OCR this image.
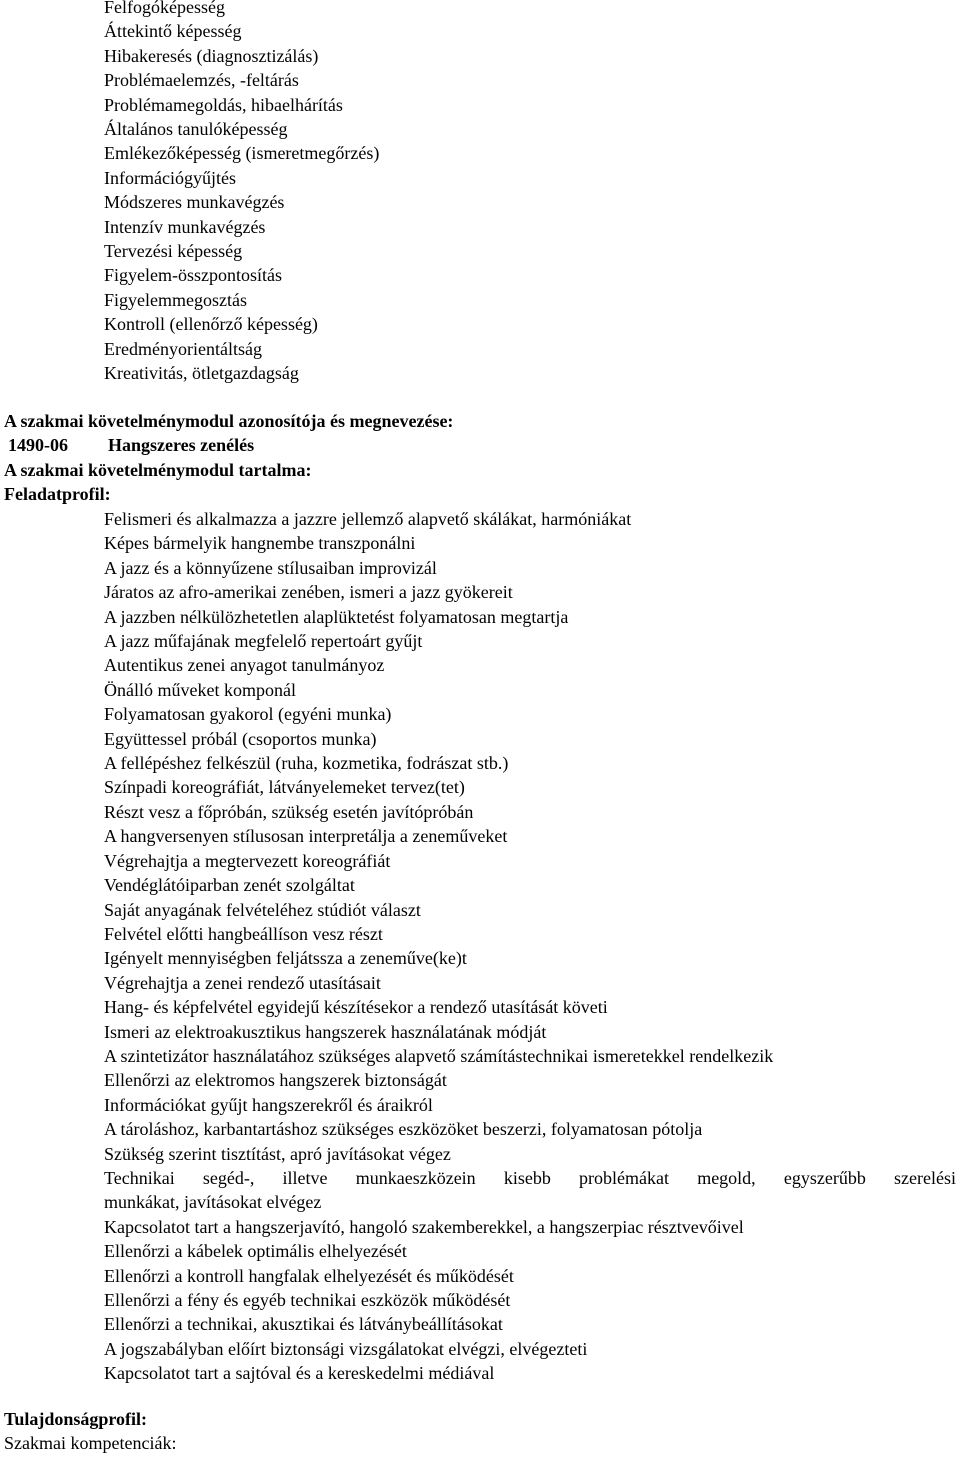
Felfogóképesség
Áttekintő képesség
Hibakeresés (diagnosztizálás)
Problémaelemzés, -feltárás
Problémamegoldás, hibaelhárítás
Általános tanulóképesség
Emlékezőképesség (ismeretmegőrzés)
Információgyűjtés
Módszeres munkavégzés
Intenzív munkavégzés
Tervezési képesség
Figyelem-összpontosítás
Figyelemmegosztás
Kontroll (ellenőrző képesség)
Eredményorientáltság
Kreativitás, ötletgazdagság
A szakmai követelménymodul azonosítója és megnevezése:
1490-06 Hangszeres zenélés
A szakmai követelménymodul tartalma:
Feladatprofil:
Felismeri és alkalmazza a jazzre jellemző alapvető skálákat, harmóniákat
Képes bármelyik hangnembe transzponálni
A jazz és a könnyűzene stílusaiban improvizál
Járatos az afro-amerikai zenében, ismeri a jazz gyökereit
A jazzben nélkülözhetetlen alaplüktetést folyamatosan megtartja
A jazz műfajának megfelelő repertoárt gyűjt
Autentikus zenei anyagot tanulmányoz
Önálló műveket komponál
Folyamatosan gyakorol (egyéni munka)
Együttessel próbál (csoportos munka)
A fellépéshez felkészül (ruha, kozmetika, fodrászat stb.)
Színpadi koreográfiát, látványelemeket tervez(tet)
Részt vesz a főpróbán, szükség esetén javítópróbán
A hangversenyen stílusosan interpretálja a zeneműveket
Végrehajtja a megtervezett koreográfiát
Vendéglátóiparban zenét szolgáltat
Saját anyagának felvételéhez stúdiót választ
Felvétel előtti hangbeállíson vesz részt
Igényelt mennyiségben feljátssza a zeneműve(ke)t
Végrehajtja a zenei rendező utasításait
Hang- és képfelvétel egyidejű készítésekor a rendező utasítását követi
Ismeri az elektroakusztikus hangszerek használatának módját
A szintetizátor használatához szükséges alapvető számítástechnikai ismeretekkel rendelkezik
Ellenőrzi az elektromos hangszerek biztonságát
Információkat gyűjt hangszerekről és áraikról
A tároláshoz, karbantartáshoz szükséges eszközöket beszerzi, folyamatosan pótolja
Szükség szerint tisztítást, apró javításokat végez
Technikai segéd-, illetve munkaeszközein kisebb problémákat megold, egyszerűbb szerelési
munkákat, javításokat elvégez
Kapcsolatot tart a hangszerjavító, hangoló szakemberekkel, a hangszerpiac résztvevőivel
Ellenőrzi a kábelek optimális elhelyezését
Ellenőrzi a kontroll hangfalak elhelyezését és működését
Ellenőrzi a fény és egyéb technikai eszközök működését
Ellenőrzi a technikai, akusztikai és látványbeállításokat
A jogszabályban előírt biztonsági vizsgálatokat elvégzi, elvégezteti
Kapcsolatot tart a sajtóval és a kereskedelmi médiával
Tulajdonságprofil:
Szakmai kompetenciák:
